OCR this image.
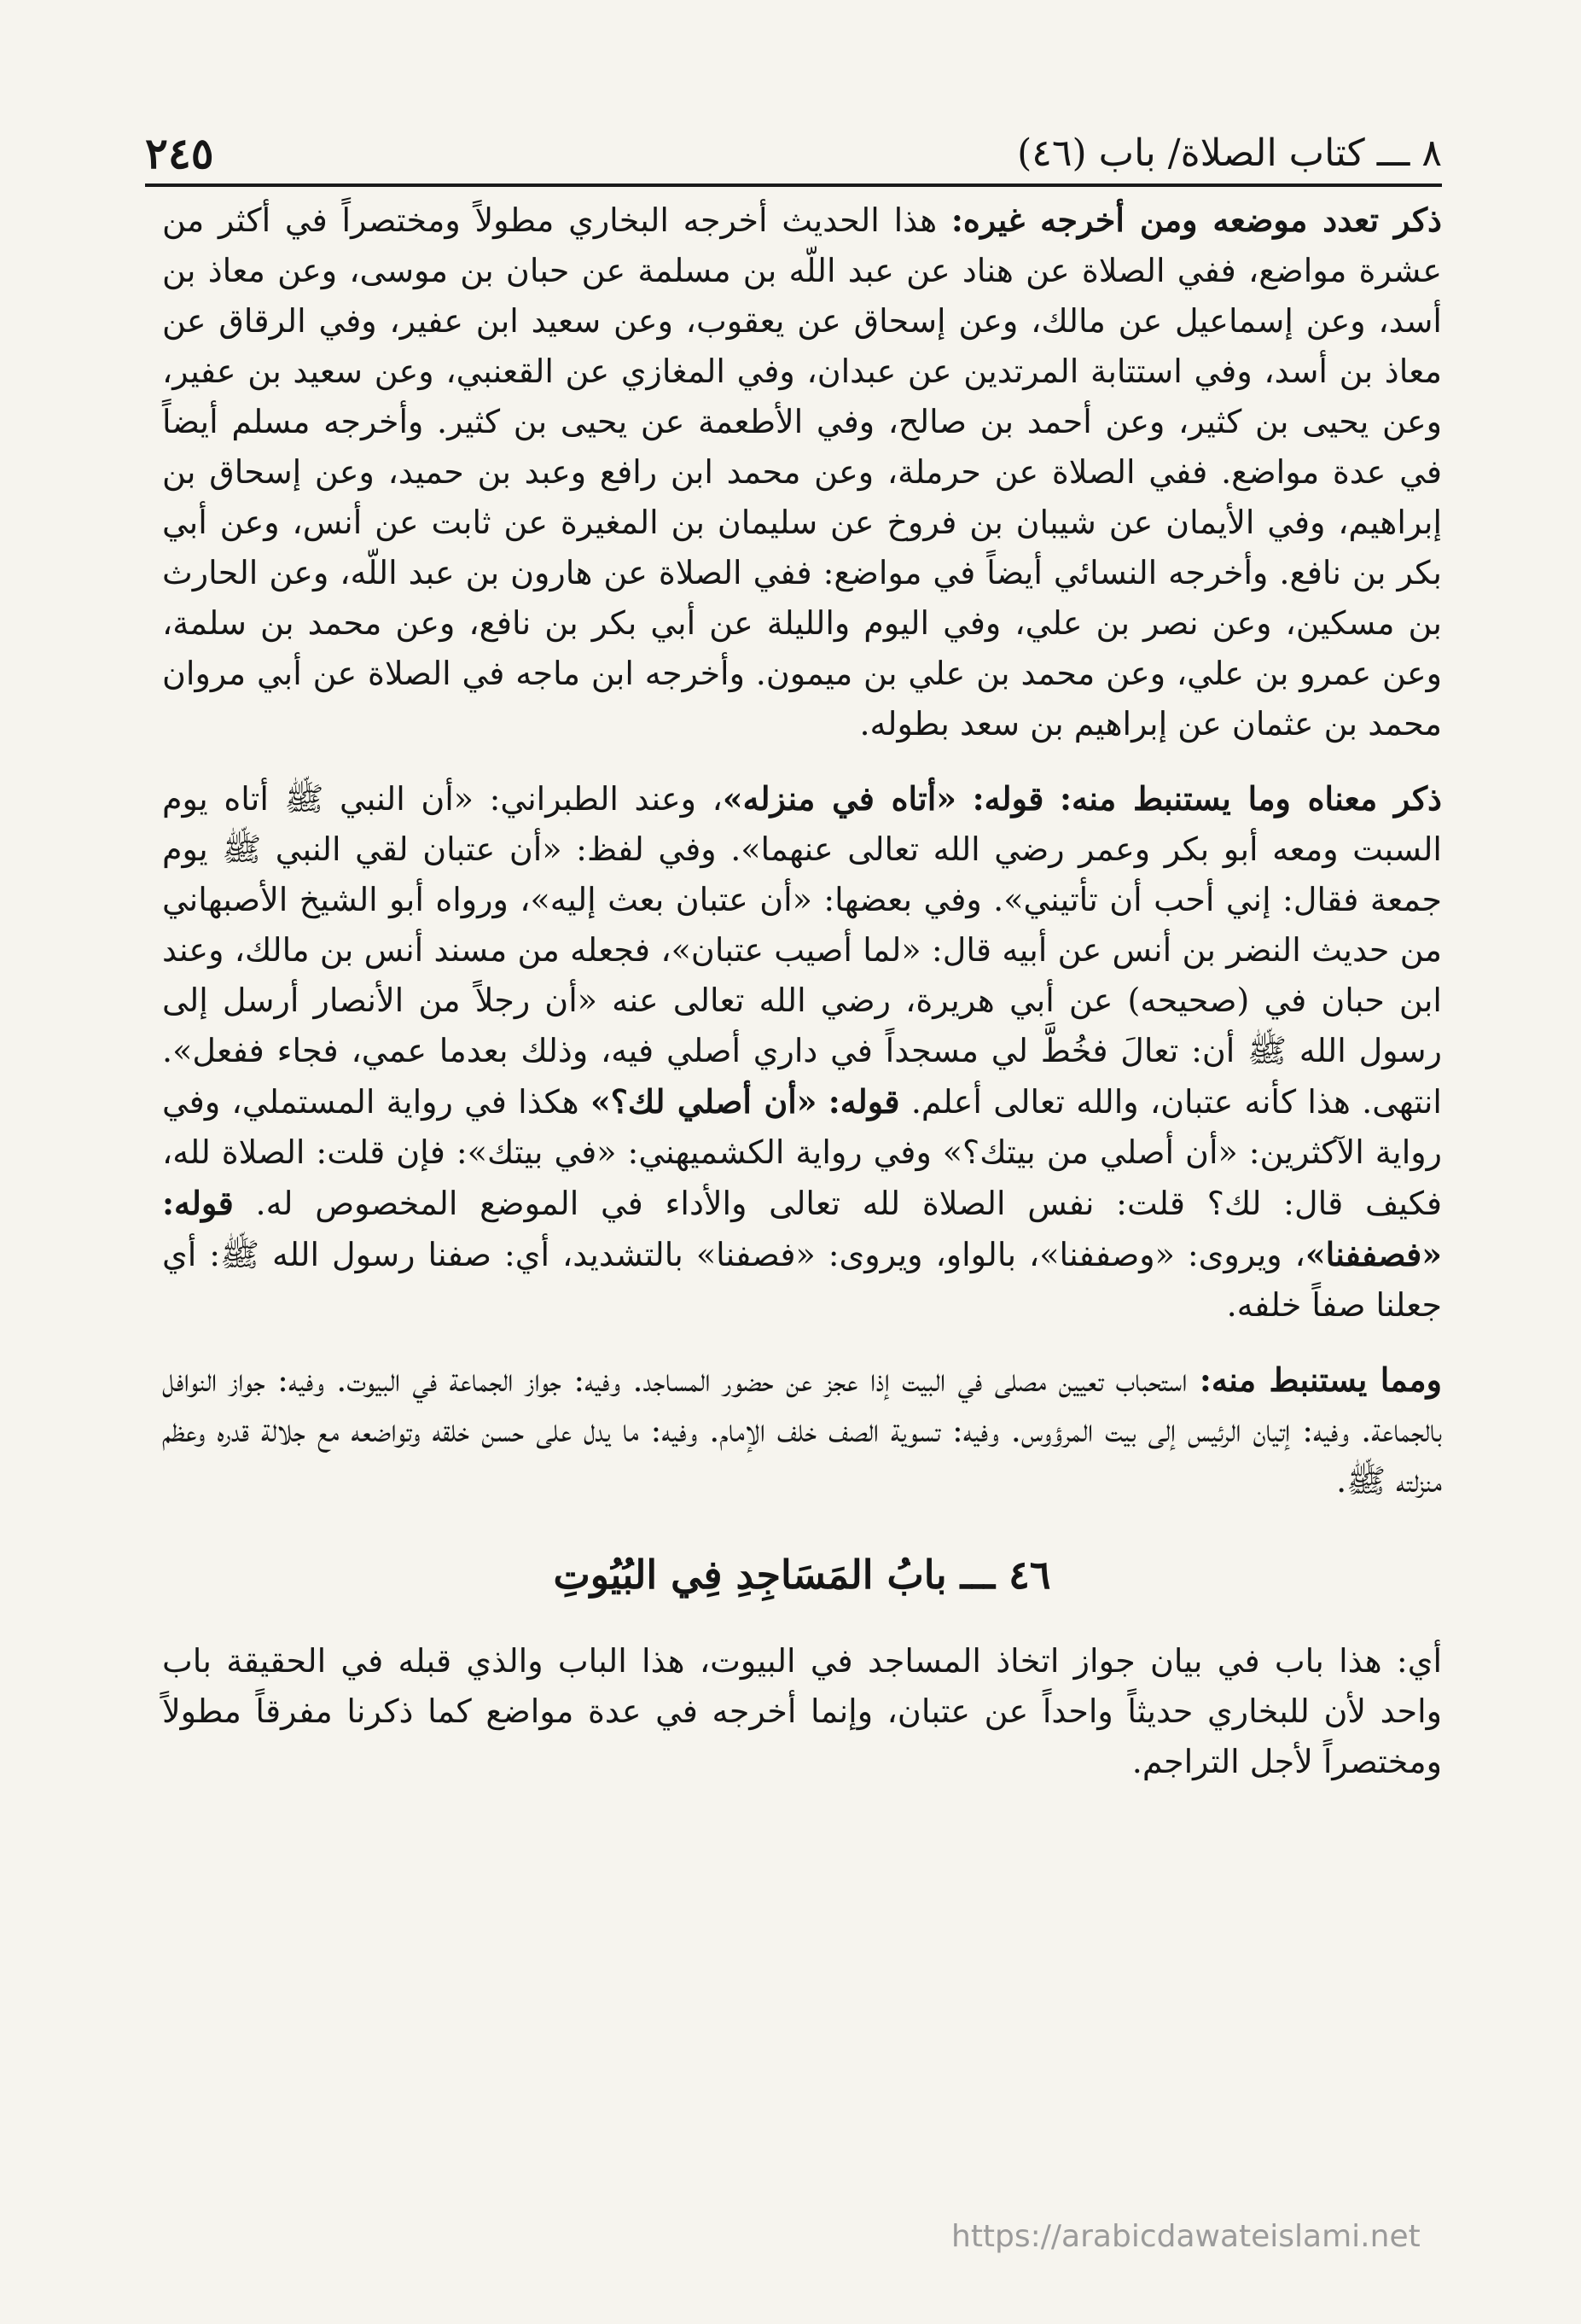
٨ ـــ كتاب الصلاة/ باب (٤٦)
٢٤٥

ذكر تعدد موضعه ومن أخرجه غيره: هذا الحديث أخرجه البخاري مطولاً ومختصراً في أكثر من عشرة مواضع، ففي الصلاة عن هناد عن عبد اللّه بن مسلمة عن حبان بن موسى، وعن معاذ بن أسد، وعن إسماعيل عن مالك، وعن إسحاق عن يعقوب، وعن سعيد ابن عفير، وفي الرقاق عن معاذ بن أسد، وفي استتابة المرتدين عن عبدان، وفي المغازي عن القعنبي، وعن سعيد بن عفير، وعن يحيى بن كثير، وعن أحمد بن صالح، وفي الأطعمة عن يحيى بن كثير. وأخرجه مسلم أيضاً في عدة مواضع. ففي الصلاة عن حرملة، وعن محمد ابن رافع وعبد بن حميد، وعن إسحاق بن إبراهيم، وفي الأيمان عن شيبان بن فروخ عن سليمان بن المغيرة عن ثابت عن أنس، وعن أبي بكر بن نافع. وأخرجه النسائي أيضاً في مواضع: ففي الصلاة عن هارون بن عبد اللّه، وعن الحارث بن مسكين، وعن نصر بن علي، وفي اليوم والليلة عن أبي بكر بن نافع، وعن محمد بن سلمة، وعن عمرو بن علي، وعن محمد بن علي بن ميمون. وأخرجه ابن ماجه في الصلاة عن أبي مروان محمد بن عثمان عن إبراهيم بن سعد بطوله.

ذكر معناه وما يستنبط منه: قوله: «أتاه في منزله»، وعند الطبراني: «أن النبي ﷺ أتاه يوم السبت ومعه أبو بكر وعمر رضي الله تعالى عنهما». وفي لفظ: «أن عتبان لقي النبي ﷺ يوم جمعة فقال: إني أحب أن تأتيني». وفي بعضها: «أن عتبان بعث إليه»، ورواه أبو الشيخ الأصبهاني من حديث النضر بن أنس عن أبيه قال: «لما أصيب عتبان»، فجعله من مسند أنس بن مالك، وعند ابن حبان في (صحيحه) عن أبي هريرة، رضي الله تعالى عنه «أن رجلاً من الأنصار أرسل إلى رسول الله ﷺ أن: تعالَ فخُطَّ لي مسجداً في داري أصلي فيه، وذلك بعدما عمي، فجاء ففعل». انتهى. هذا كأنه عتبان، والله تعالى أعلم. قوله: «أن أصلي لك؟» هكذا في رواية المستملي، وفي رواية الآكثرين: «أن أصلي من بيتك؟» وفي رواية الكشميهني: «في بيتك»: فإن قلت: الصلاة لله، فكيف قال: لك؟ قلت: نفس الصلاة لله تعالى والأداء في الموضع المخصوص له. قوله: «فصففنا»، ويروى: «وصففنا»، بالواو، ويروى: «فصفنا» بالتشديد، أي: صفنا رسول الله ﷺ: أي جعلنا صفاً خلفه.

ومما يستنبط منه: استحباب تعيين مصلى في البيت إذا عجز عن حضور المساجد. وفيه: جواز الجماعة في البيوت. وفيه: جواز النوافل بالجماعة. وفيه: إتيان الرئيس إلى بيت المرؤوس. وفيه: تسوية الصف خلف الإمام. وفيه: ما يدل على حسن خلقه وتواضعه مع جلالة قدره وعظم منزلته ﷺ.

٤٦ ـــ بابُ المَسَاجِدِ فِي البُيُوتِ

أي: هذا باب في بيان جواز اتخاذ المساجد في البيوت، هذا الباب والذي قبله في الحقيقة باب واحد لأن للبخاري حديثاً واحداً عن عتبان، وإنما أخرجه في عدة مواضع كما ذكرنا مفرقاً مطولاً ومختصراً لأجل التراجم.

https://arabicdawateislami.net
